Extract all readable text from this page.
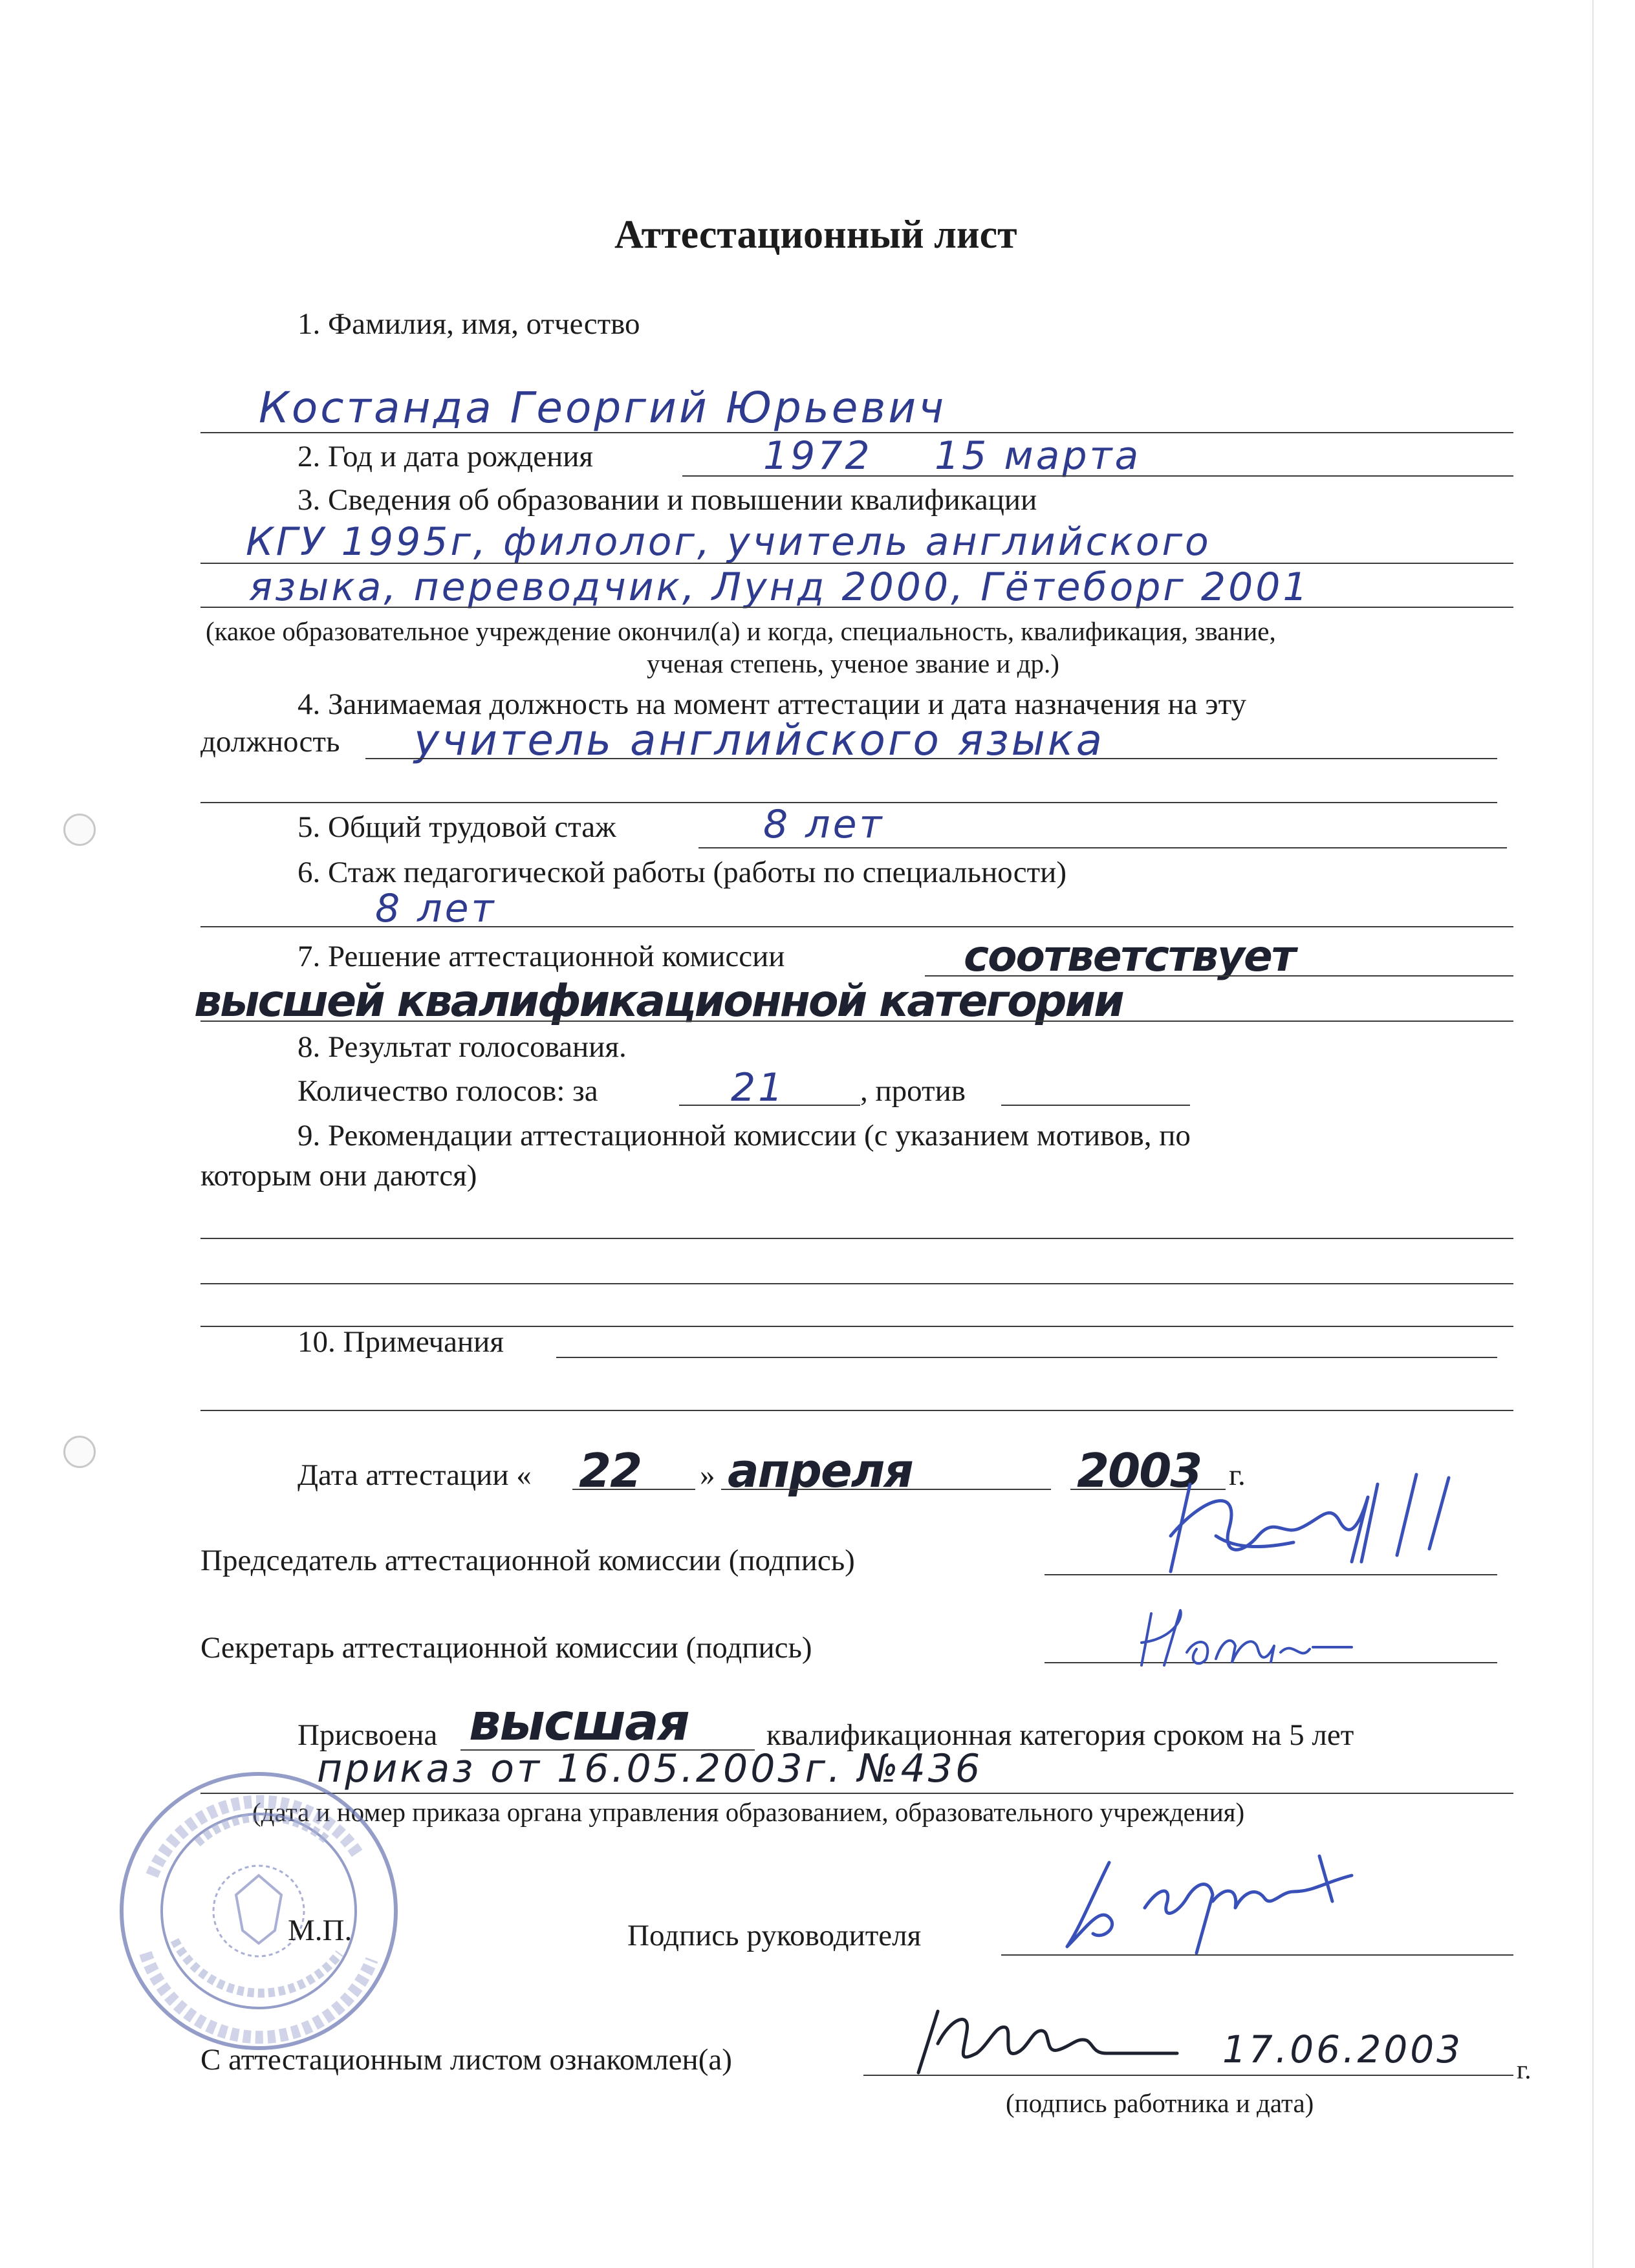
Аттестационный лист
1. Фамилия, имя, отчество
Костанда Георгий Юрьевич
2. Год и дата рождения	1972 15 марта
3. Сведения об образовании и повышении квалификации
КГУ 1995г, филолог, учитель английского
языка, переводчик, Лунд 2000, Гётеборг 2001
(какое образовательное учреждение окончил(а) и когда, специальность, квалификация, звание,
ученая степень, ученое звание и др.)
4. Занимаемая должность на момент аттестации и дата назначения на эту
должность учитель английского языка
5. Общий трудовой стаж	8 лет
6. Стаж педагогической работы (работы по специальности)
8 лет
7. Решение аттестационной комиссии	соответствует
высшей квалификационной категории
8. Результат голосования.
Количество голосов: за	21 , против
9. Рекомендации аттестационной комиссии (с указанием мотивов, по
которым они даются)
10. Примечания
Дата аттестации « 22 » апреля	2003 г.
Председатель аттестационной комиссии (подпись)
Секретарь аттестационной комиссии (подпись)
Присвоена высшая	квалификационная категория сроком на 5 лет
приказ от 16.05.2003г. №436
(дата и номер приказа органа управления образованием, образовательного учреждения)
М.П.	Подпись руководителя
С аттестационным листом ознакомлен(а)	17.06.2003 г.
(подпись работника и дата)
